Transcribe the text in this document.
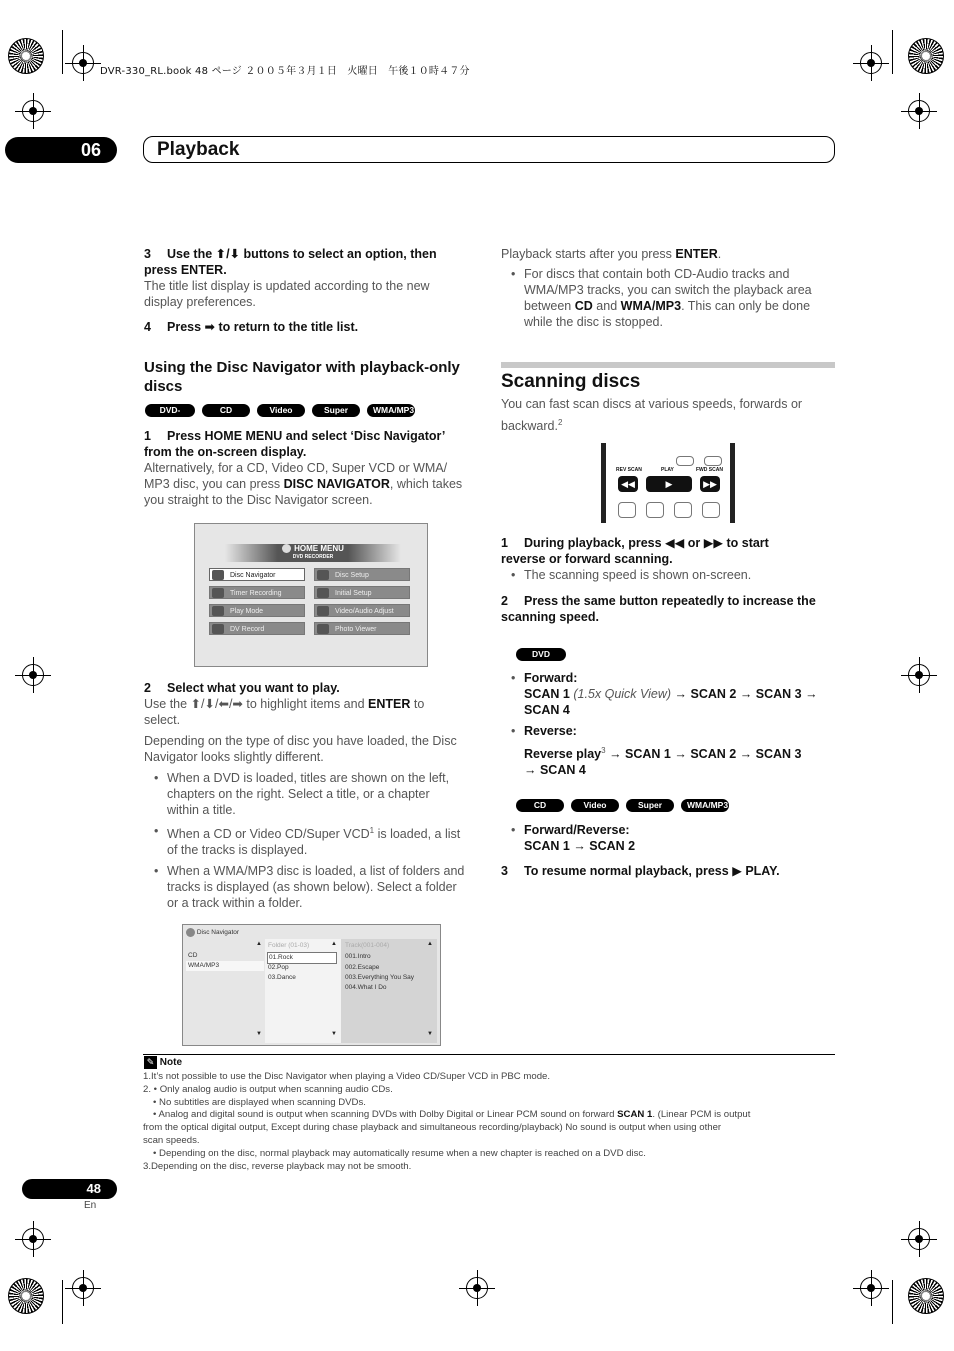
DVR-330_RL.book 48 ページ ２００５年３月１日　火曜日　午後１０時４７分
06	Playback
3 Use the ⬆/⬇ buttons to select an option, then
press ENTER.
The title list display is updated according to the new
display preferences.
4 Press ➡ to return to the title list.
Using the Disc Navigator with playback-only
discs
DVD-Video
CD	Video CD
Super VCD
WMA/MP3
1 Press HOME MENU and select ‘Disc Navigator’
from the on-screen display.
Alternatively, for a CD, Video CD, Super VCD or WMA/
MP3 disc, you can press DISC NAVIGATOR, which takes
you straight to the Disc Navigator screen.
HOME MENU
DVD RECORDER
Disc Navigator
Timer Recording
Play Mode
DV Record
Disc Setup
Initial Setup
Video/Audio Adjust
Photo Viewer
2 Select what you want to play.
Use the ⬆/⬇/⬅/➡ to highlight items and ENTER to
select.
Depending on the type of disc you have loaded, the Disc
Navigator looks slightly different.
• When a DVD is loaded, titles are shown on the left,
chapters on the right. Select a title, or a chapter
within a title.
• When a CD or Video CD/Super VCD$^1$ is loaded, a list
of the tracks is displayed.
• When a WMA/MP3 disc is loaded, a list of folders and
tracks is displayed (as shown below). Select a folder
or a track within a folder.
Disc Navigator
CD
WMA/MP3
▲
▼
Folder (01-03)
01.Rock
02.Pop
03.Dance
▲
▼
Track(001-004)
001.Intro
002.Escape
003.Everything You Say
004.What I Do
▲
▼
Playback starts after you press ENTER.
• For discs that contain both CD-Audio tracks and
WMA/MP3 tracks, you can switch the playback area
between CD and WMA/MP3. This can only be done
while the disc is stopped.
Scanning discs
You can fast scan discs at various speeds, forwards or
backward.$^2$
REV SCAN	PLAY	FWD SCAN
◀◀	▶	▶▶
1 During playback, press ◀◀ or ▶▶ to start
reverse or forward scanning.
• The scanning speed is shown on-screen.
2 Press the same button repeatedly to increase the
scanning speed.
DVD
• Forward:
SCAN 1 (1.5x Quick View) → SCAN 2 → SCAN 3 →
SCAN 4
• Reverse:
Reverse play$^3$ → SCAN 1 → SCAN 2 → SCAN 3
→ SCAN 4
CD	Video CD
Super VCD
WMA/MP3
• Forward/Reverse:
SCAN 1 → SCAN 2
3 To resume normal playback, press ▶ PLAY.
✎ Note
1.It’s not possible to use the Disc Navigator when playing a Video CD/Super VCD in PBC mode.
2. • Only analog audio is output when scanning audio CDs.
• No subtitles are displayed when scanning DVDs.
• Analog and digital sound is output when scanning DVDs with Dolby Digital or Linear PCM sound on forward SCAN 1. (Linear PCM is output
from the optical digital output, Except during chase playback and simultaneous recording/playback) No sound is output when using other
scan speeds.
• Depending on the disc, normal playback may automatically resume when a new chapter is reached on a DVD disc.
3.Depending on the disc, reverse playback may not be smooth.
48
En
